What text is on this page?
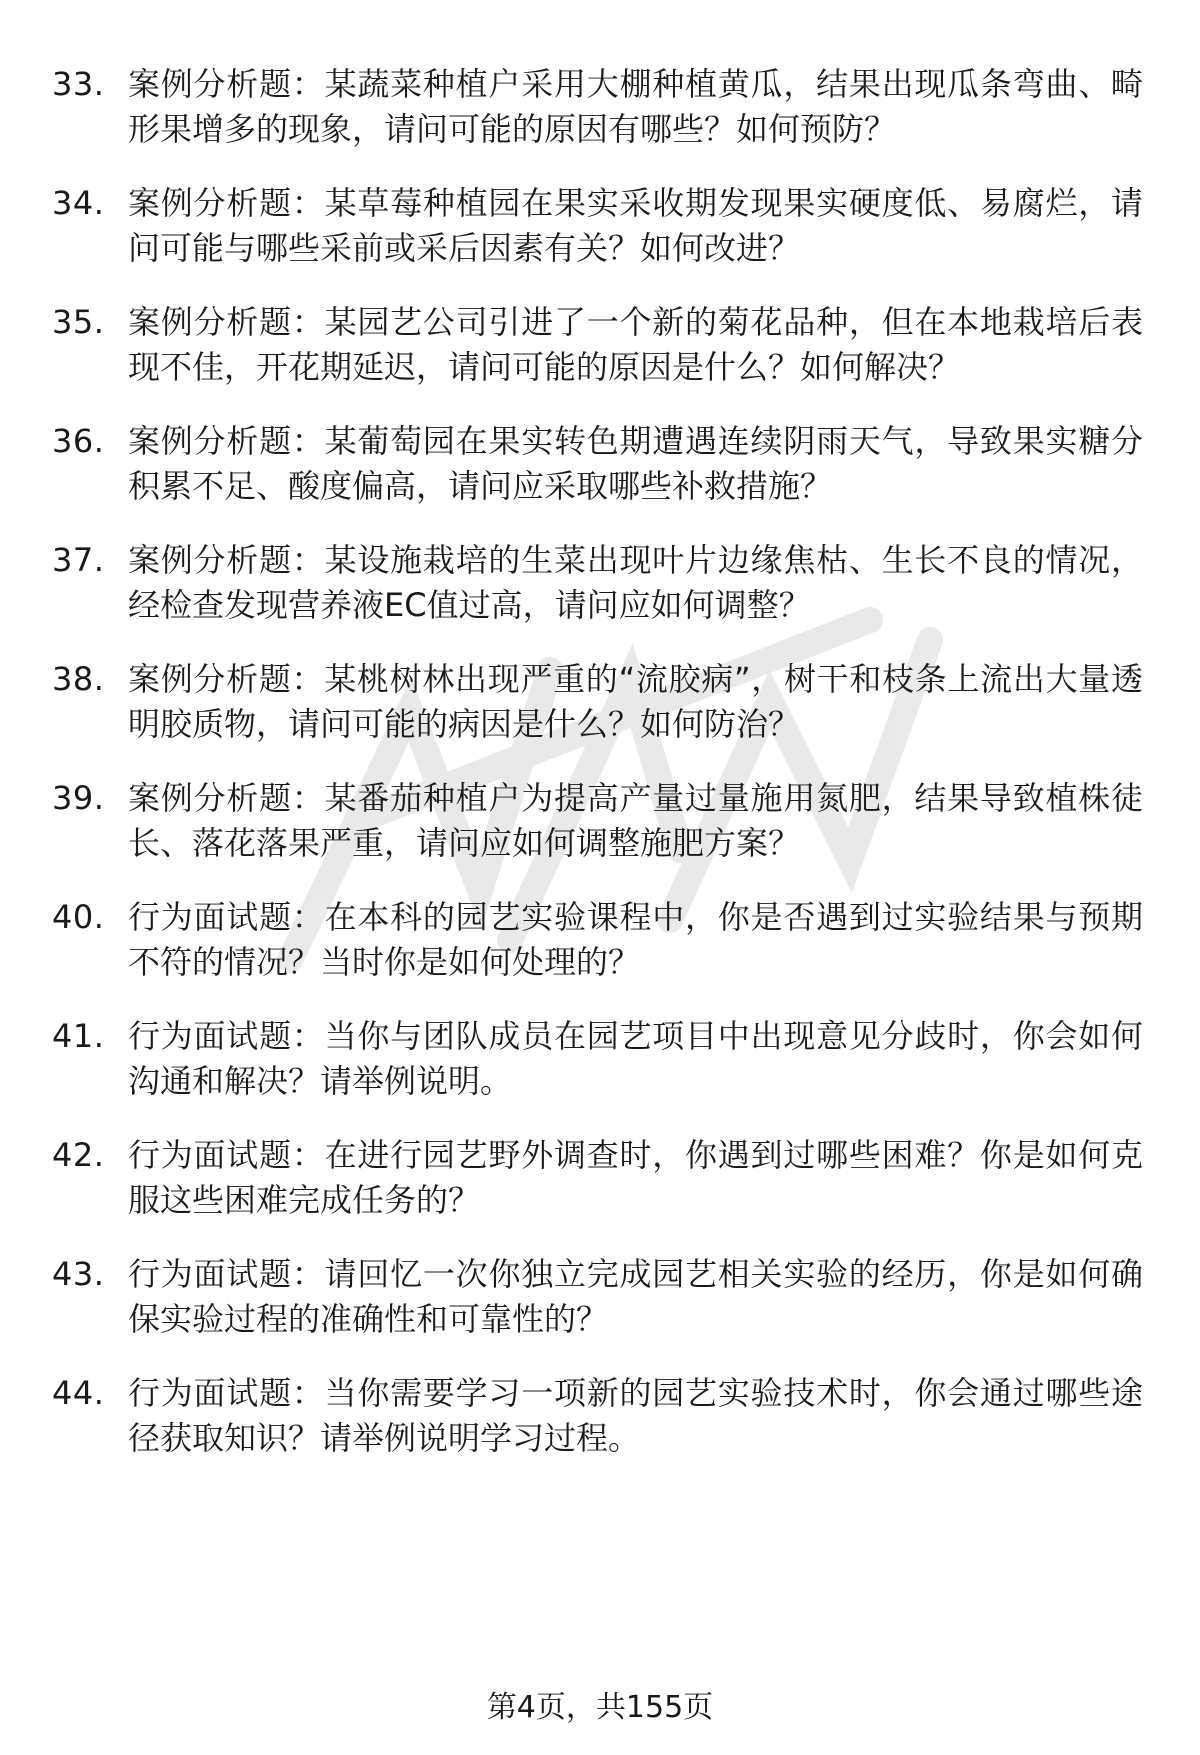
33. 案例分析题：某蔬菜种植户采用大棚种植黄瓜，结果出现瓜条弯曲、畸形果增多的现象，请问可能的原因有哪些？如何预防？
34. 案例分析题：某草莓种植园在果实采收期发现果实硬度低、易腐烂，请问可能与哪些采前或采后因素有关？如何改进？
35. 案例分析题：某园艺公司引进了一个新的菊花品种，但在本地栽培后表现不佳，开花期延迟，请问可能的原因是什么？如何解决？
36. 案例分析题：某葡萄园在果实转色期遭遇连续阴雨天气，导致果实糖分积累不足、酸度偏高，请问应采取哪些补救措施？
37. 案例分析题：某设施栽培的生菜出现叶片边缘焦枯、生长不良的情况，经检查发现营养液EC值过高，请问应如何调整？
38. 案例分析题：某桃树林出现严重的“流胶病”，树干和枝条上流出大量透明胶质物，请问可能的病因是什么？如何防治？
39. 案例分析题：某番茄种植户为提高产量过量施用氮肥，结果导致植株徒长、落花落果严重，请问应如何调整施肥方案？
40. 行为面试题：在本科的园艺实验课程中，你是否遇到过实验结果与预期不符的情况？当时你是如何处理的？
41. 行为面试题：当你与团队成员在园艺项目中出现意见分歧时，你会如何沟通和解决？请举例说明。
42. 行为面试题：在进行园艺野外调查时，你遇到过哪些困难？你是如何克服这些困难完成任务的？
43. 行为面试题：请回忆一次你独立完成园艺相关实验的经历，你是如何确保实验过程的准确性和可靠性的？
44. 行为面试题：当你需要学习一项新的园艺实验技术时，你会通过哪些途径获取知识？请举例说明学习过程。
第4页，共155页
